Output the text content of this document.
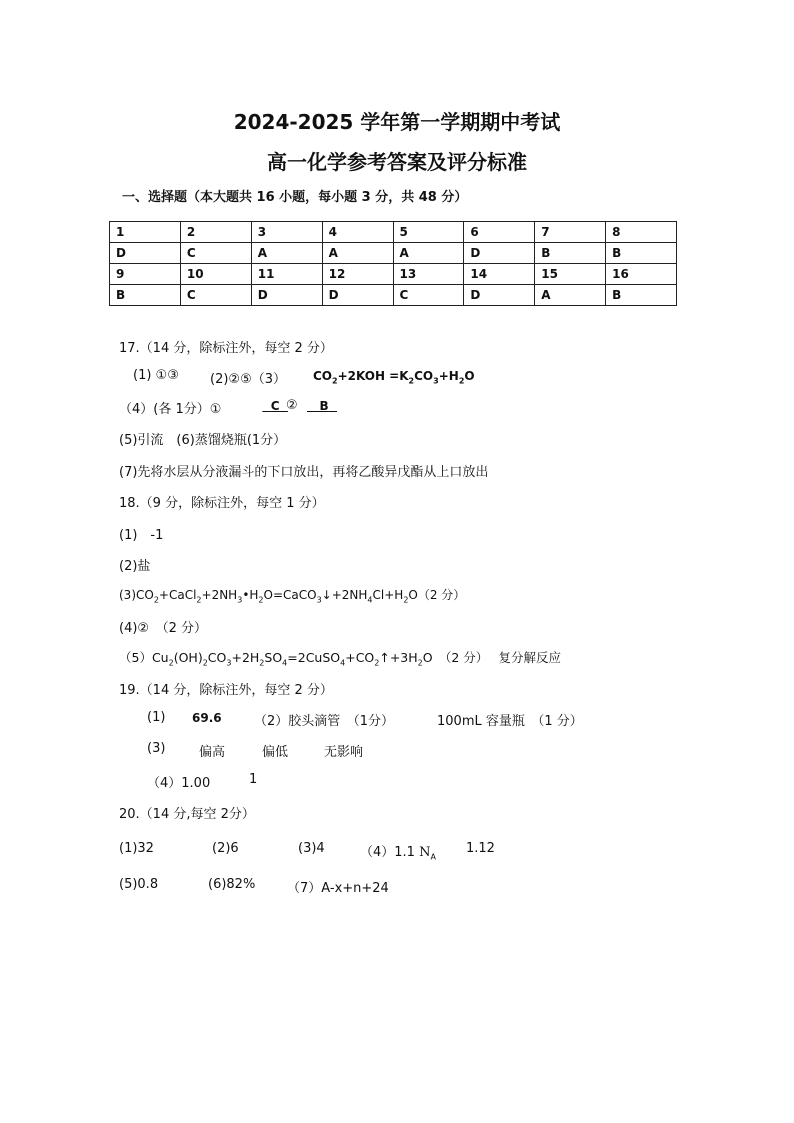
2024-2025 学年第一学期期中考试
高一化学参考答案及评分标准

一、选择题（本大题共 16 小题，每小题 3 分，共 48 分）

1	2	3	4	5	6	7	8
D	C	A	A	A	D	B	B
9	10	11	12	13	14	15	16
B	C	D	D	C	D	A	B

17.（14 分，除标注外，每空 2 分）

(1) ①③ (2)②⑤（3） $CO_2+2KOH =K_2CO_3+H_2O$

（4）(各 1分）①	C ②	B

(5)引流　(6)蒸馏烧瓶(1分）

(7)先将水层从分液漏斗的下口放出，再将乙酸异戊酯从上口放出

18.（9 分，除标注外，每空 1 分）

(1)　-1

(2)盐

$(3)CO_2+CaCl_2+2NH_3•H_2O=CaCO_3↓+2NH_4Cl+H_2O(2$ 分）

(4)②　（2 分）

$(5)Cu_2(OH)_2CO_3+2H_2SO_4=2CuSO_4+CO_2↑+3H_2O$　（2 分）　 复分解反应

19.（14 分，除标注外，每空 2 分）

(1) 69.6 （2）胶头滴管　（1分）	100mL 容量瓶　（1 分）

(3)	偏高	偏低	无影响

（4）1.00	1

20.（14 分,每空 2分）

(1)32	(2)6	(3)4	（4）1.1 $N_A$

1.12

(5)0.8	(6)82% （7）A-x+n+24
